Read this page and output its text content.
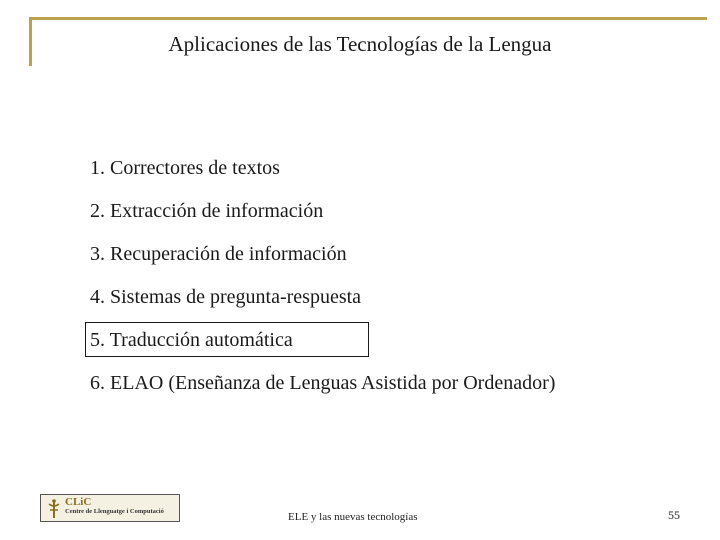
Aplicaciones de las Tecnologías de la Lengua
1. Correctores de textos
2. Extracción de información
3. Recuperación de información
4. Sistemas de pregunta-respuesta
5. Traducción automática
6. ELAO (Enseñanza de Lenguas Asistida por Ordenador)
CLiC
Centre de Llenguatge i Computació	ELE y las nuevas tecnologías	55
